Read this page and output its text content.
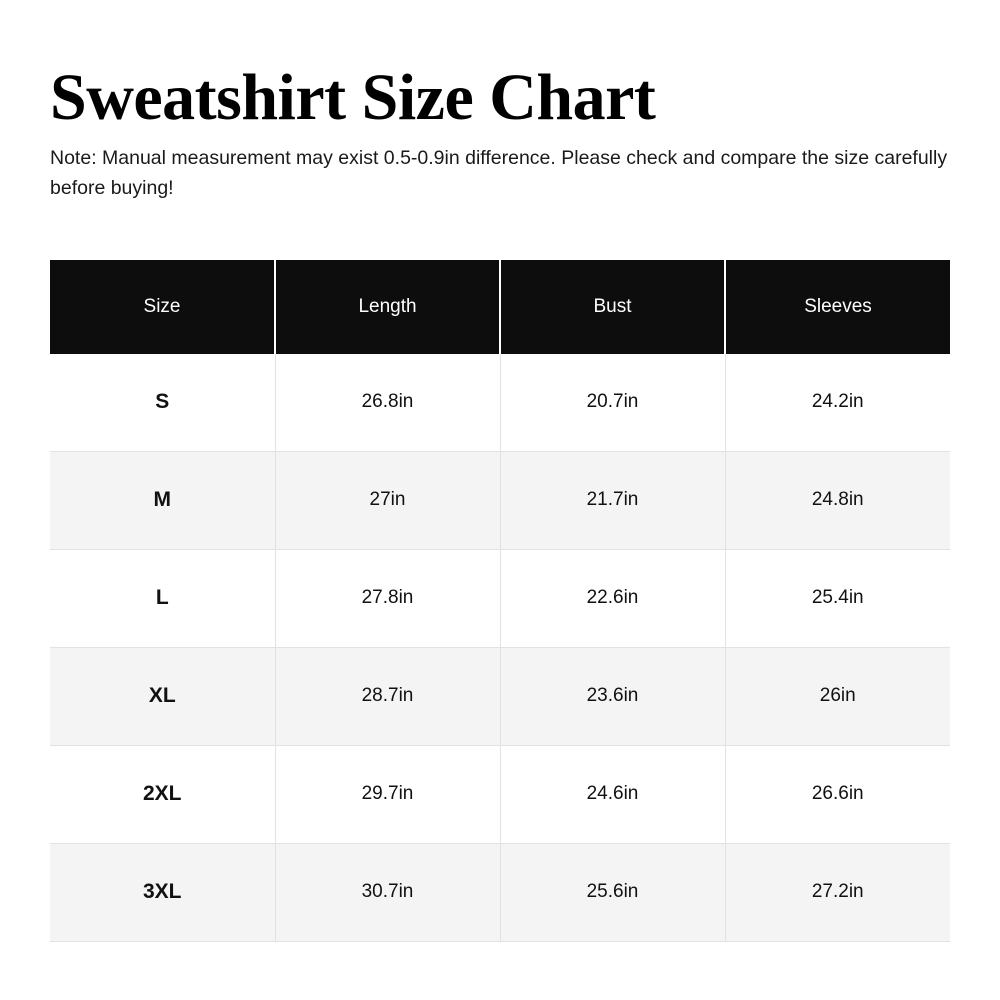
Sweatshirt Size Chart

Note: Manual measurement may exist 0.5-0.9in difference. Please check and compare the size carefully before buying!

Size	Length	Bust	Sleeves
S	26.8in	20.7in	24.2in
M	27in	21.7in	24.8in
L	27.8in	22.6in	25.4in
XL	28.7in	23.6in	26in
2XL	29.7in	24.6in	26.6in
3XL	30.7in	25.6in	27.2in
